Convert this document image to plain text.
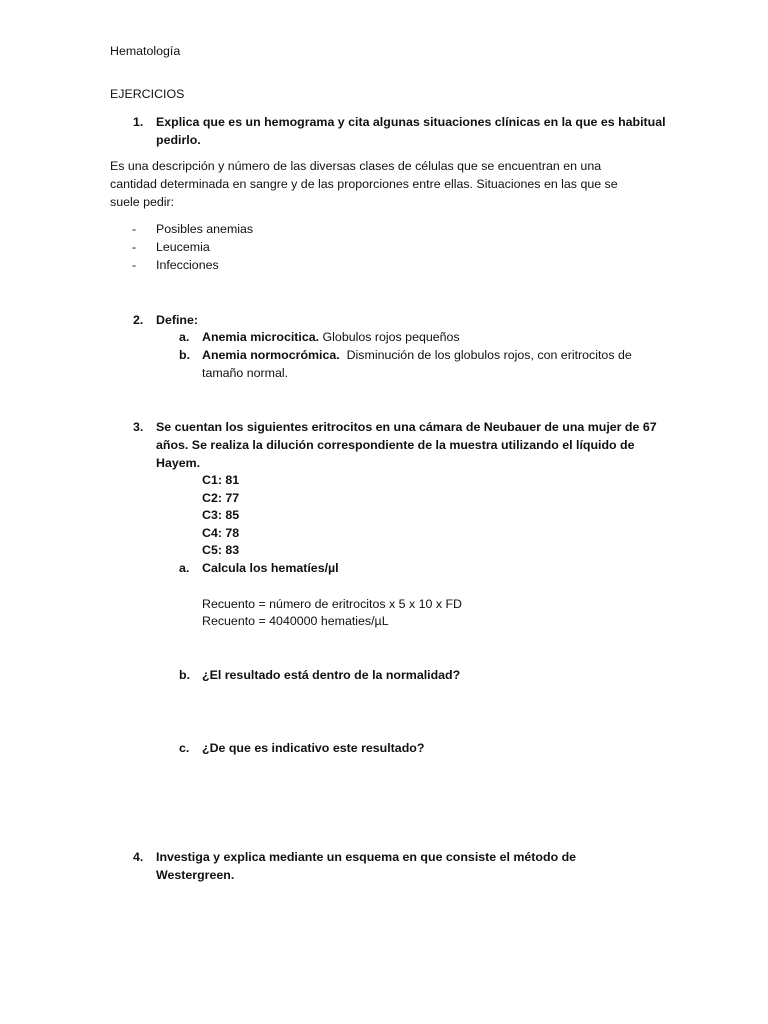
Hematología
EJERCICIOS
1. Explica que es un hemograma y cita algunas situaciones clínicas en la que es habitual
pedirlo.
Es una descripción y número de las diversas clases de células que se encuentran en una
cantidad determinada en sangre y de las proporciones entre ellas. Situaciones en las que se
suele pedir:
- Posibles anemias
- Leucemia
- Infecciones
2. Define:
a. Anemia microcitica. Globulos rojos pequeños
b. Anemia normocrómica. Disminución de los globulos rojos, con eritrocitos de
tamaño normal.
3. Se cuentan los siguientes eritrocitos en una cámara de Neubauer de una mujer de 67
años. Se realiza la dilución correspondiente de la muestra utilizando el líquido de
Hayem.
C1: 81
C2: 77
C3: 85
C4: 78
C5: 83
a. Calcula los hematíes/µl
Recuento = número de eritrocitos x 5 x 10 x FD
Recuento = 4040000 hematies/µL
b. ¿El resultado está dentro de la normalidad?
c. ¿De que es indicativo este resultado?
4. Investiga y explica mediante un esquema en que consiste el método de
Westergreen.
